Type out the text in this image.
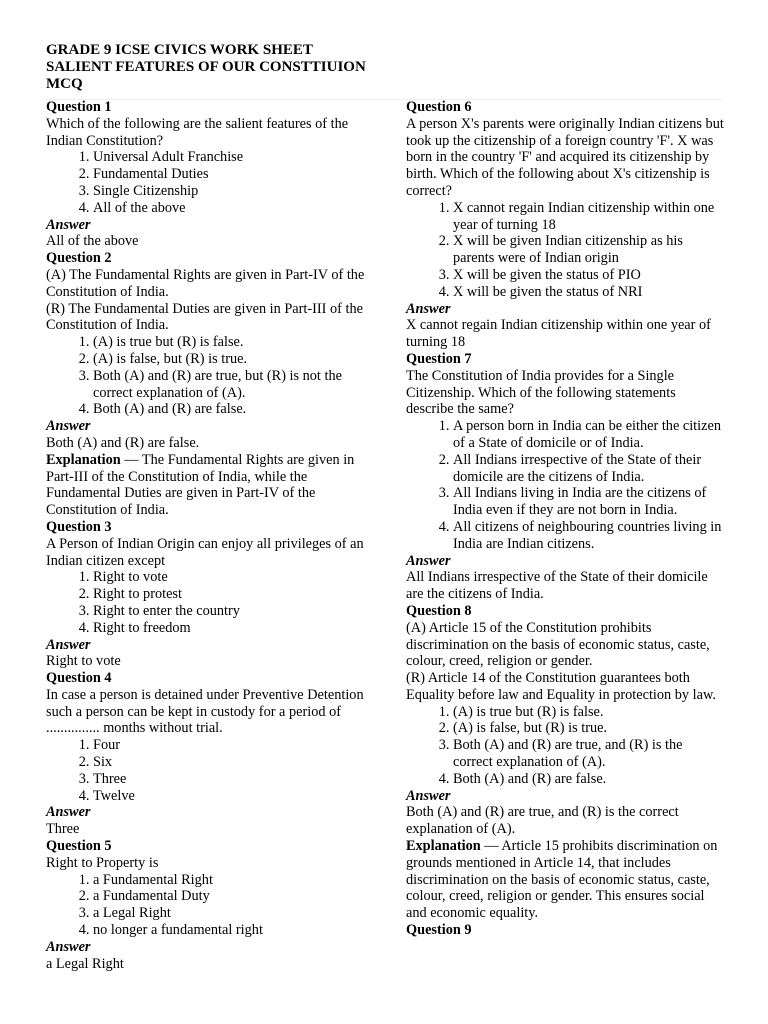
GRADE 9 ICSE CIVICS WORK SHEET

SALIENT FEATURES OF OUR CONSTTIUION

MCQ

Question 1

Which of the following are the salient features of the Indian Constitution?

1. Universal Adult Franchise
2. Fundamental Duties
3. Single Citizenship
4. All of the above

Answer

All of the above

Question 2

(A) The Fundamental Rights are given in Part-IV of the Constitution of India.

(R) The Fundamental Duties are given in Part-III of the Constitution of India.

1. (A) is true but (R) is false.
2. (A) is false, but (R) is true.
3. Both (A) and (R) are true, but (R) is not the correct explanation of (A).
4. Both (A) and (R) are false.

Answer

Both (A) and (R) are false.

Explanation — The Fundamental Rights are given in Part-III of the Constitution of India, while the Fundamental Duties are given in Part-IV of the Constitution of India.

Question 3

A Person of Indian Origin can enjoy all privileges of an Indian citizen except

1. Right to vote
2. Right to protest
3. Right to enter the country
4. Right to freedom

Answer

Right to vote

Question 4

In case a person is detained under Preventive Detention such a person can be kept in custody for a period of ............... months without trial.

1. Four
2. Six
3. Three
4. Twelve

Answer

Three

Question 5

Right to Property is

1. a Fundamental Right
2. a Fundamental Duty
3. a Legal Right
4. no longer a fundamental right

Answer

a Legal Right

Question 6

A person X's parents were originally Indian citizens but took up the citizenship of a foreign country 'F'. X was born in the country 'F' and acquired its citizenship by birth. Which of the following about X's citizenship is correct?

1. X cannot regain Indian citizenship within one year of turning 18
2. X will be given Indian citizenship as his parents were of Indian origin
3. X will be given the status of PIO
4. X will be given the status of NRI

Answer

X cannot regain Indian citizenship within one year of turning 18

Question 7

The Constitution of India provides for a Single Citizenship. Which of the following statements describe the same?

1. A person born in India can be either the citizen of a State of domicile or of India.
2. All Indians irrespective of the State of their domicile are the citizens of India.
3. All Indians living in India are the citizens of India even if they are not born in India.
4. All citizens of neighbouring countries living in India are Indian citizens.

Answer

All Indians irrespective of the State of their domicile are the citizens of India.

Question 8

(A) Article 15 of the Constitution prohibits discrimination on the basis of economic status, caste, colour, creed, religion or gender.

(R) Article 14 of the Constitution guarantees both Equality before law and Equality in protection by law.

1. (A) is true but (R) is false.
2. (A) is false, but (R) is true.
3. Both (A) and (R) are true, and (R) is the correct explanation of (A).
4. Both (A) and (R) are false.

Answer

Both (A) and (R) are true, and (R) is the correct explanation of (A).

Explanation — Article 15 prohibits discrimination on grounds mentioned in Article 14, that includes discrimination on the basis of economic status, caste, colour, creed, religion or gender. This ensures social and economic equality.

Question 9
